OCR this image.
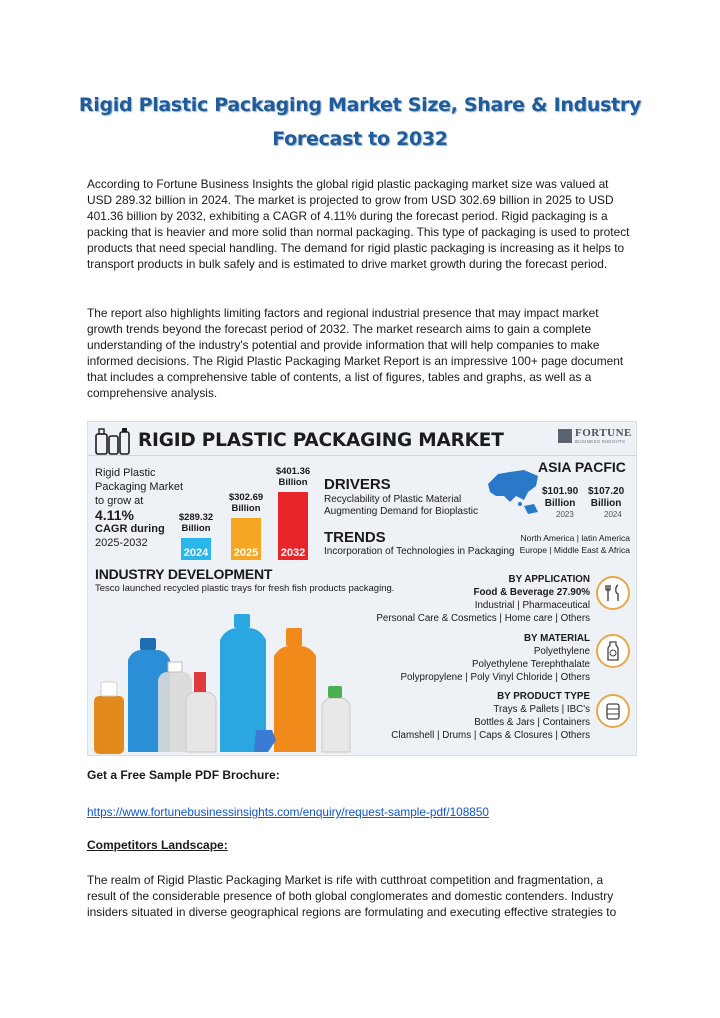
Rigid Plastic Packaging Market Size, Share & Industry
Forecast to 2032

According to Fortune Business Insights the global rigid plastic packaging market size was valued at USD 289.32 billion in 2024. The market is projected to grow from USD 302.69 billion in 2025 to USD 401.36 billion by 2032, exhibiting a CAGR of 4.11% during the forecast period. Rigid packaging is a packing that is heavier and more solid than normal packaging. This type of packaging is used to protect products that need special handling. The demand for rigid plastic packaging is increasing as it helps to transport products in bulk safely and is estimated to drive market growth during the forecast period.

The report also highlights limiting factors and regional industrial presence that may impact market growth trends beyond the forecast period of 2032. The market research aims to gain a complete understanding of the industry's potential and provide information that will help companies to make informed decisions. The Rigid Plastic Packaging Market Report is an impressive 100+ page document that includes a comprehensive table of contents, a list of figures, tables and graphs, as well as a comprehensive analysis.

RIGID PLASTIC PACKAGING MARKET	FORTUNE
BUSINESS INSIGHTS
Rigid Plastic
Packaging Market
to grow at
4.11%
CAGR during
2025-2032
$289.32
Billion
2024
$302.69
Billion
2025
$401.36
Billion
2032
DRIVERS
Recyclability of Plastic Material
Augmenting Demand for Bioplastic
TRENDS
Incorporation of Technologies in Packaging
ASIA PACFIC
$101.90
Billion
2023
$107.20
Billion
2024
North America | latin America
Europe | Middle East & Africa
INDUSTRY DEVELOPMENT
Tesco launched recycled plastic trays for fresh fish products packaging.
BY APPLICATION
Food & Beverage 27.90%
Industrial | Pharmaceutical
Personal Care & Cosmetics | Home care | Others
BY MATERIAL
Polyethylene
Polyethylene Terephthalate
Polypropylene | Poly Vinyl Chloride | Others
BY PRODUCT TYPE
Trays & Pallets | IBC's
Bottles & Jars | Containers
Clamshell | Drums | Caps & Closures | Others
Get a Free Sample PDF Brochure:
https://www.fortunebusinessinsights.com/enquiry/request-sample-pdf/108850
Competitors Landscape:

The realm of Rigid Plastic Packaging Market is rife with cutthroat competition and fragmentation, a result of the considerable presence of both global conglomerates and domestic contenders. Industry insiders situated in diverse geographical regions are formulating and executing effective strategies to
